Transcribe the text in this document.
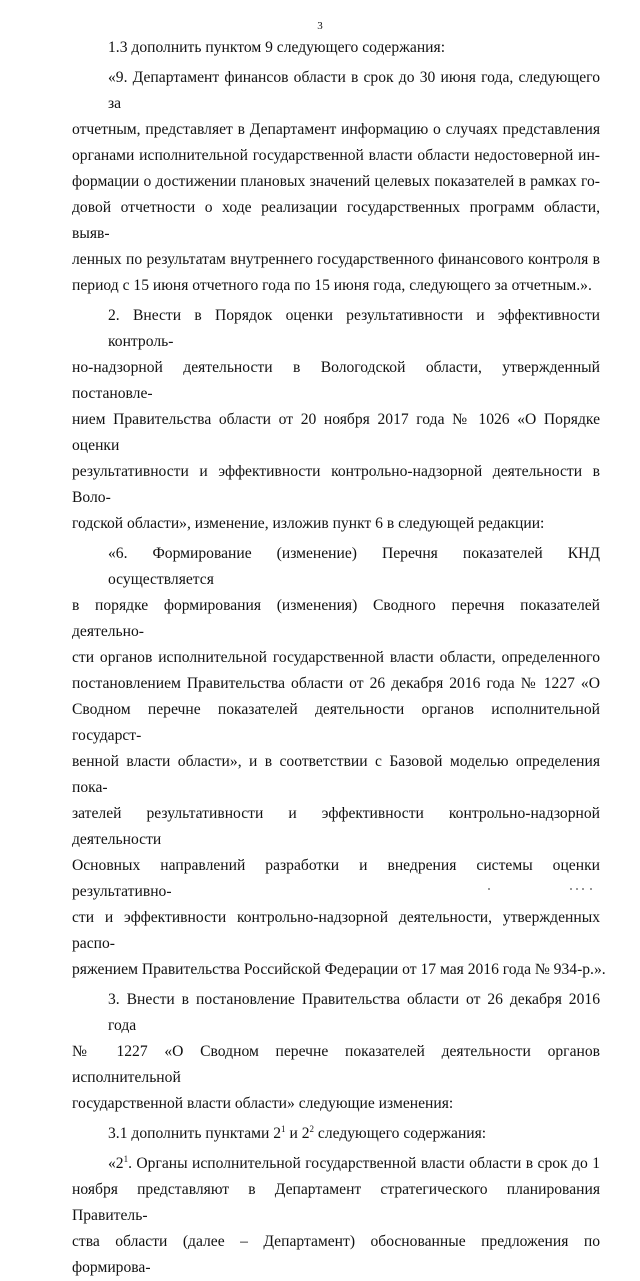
3
1.3 дополнить пунктом 9 следующего содержания:
«9. Департамент финансов области в срок до 30 июня года, следующего за
отчетным, представляет в Департамент информацию о случаях представления
органами исполнительной государственной власти области недостоверной ин-
формации о достижении плановых значений целевых показателей в рамках го-
довой отчетности о ходе реализации государственных программ области, выяв-
ленных по результатам внутреннего государственного финансового контроля в
период с 15 июня отчетного года по 15 июня года, следующего за отчетным.».
2. Внести в Порядок оценки результативности и эффективности контроль-
но-надзорной деятельности в Вологодской области, утвержденный постановле-
нием Правительства области от 20 ноября 2017 года № 1026 «О Порядке оценки
результативности и эффективности контрольно-надзорной деятельности в Воло-
годской области», изменение, изложив пункт 6 в следующей редакции:
«6. Формирование (изменение) Перечня показателей КНД осуществляется
в порядке формирования (изменения) Сводного перечня показателей деятельно-
сти органов исполнительной государственной власти области, определенного
постановлением Правительства области от 26 декабря 2016 года № 1227 «О
Сводном перечне показателей деятельности органов исполнительной государст-
венной власти области», и в соответствии с Базовой моделью определения пока-
зателей результативности и эффективности контрольно-надзорной деятельности
Основных направлений разработки и внедрения системы оценки результативно-
сти и эффективности контрольно-надзорной деятельности, утвержденных распо-
ряжением Правительства Российской Федерации от 17 мая 2016 года № 934-р.».
3. Внести в постановление Правительства области от 26 декабря 2016 года
№ 1227 «О Сводном перечне показателей деятельности органов исполнительной
государственной власти области» следующие изменения:
3.1 дополнить пунктами $2^1$ и $2^2$ следующего содержания:
«$2^1$. Органы исполнительной государственной власти области в срок до 1
ноября представляют в Департамент стратегического планирования Правитель-
ства области (далее – Департамент) обоснованные предложения по формирова-
